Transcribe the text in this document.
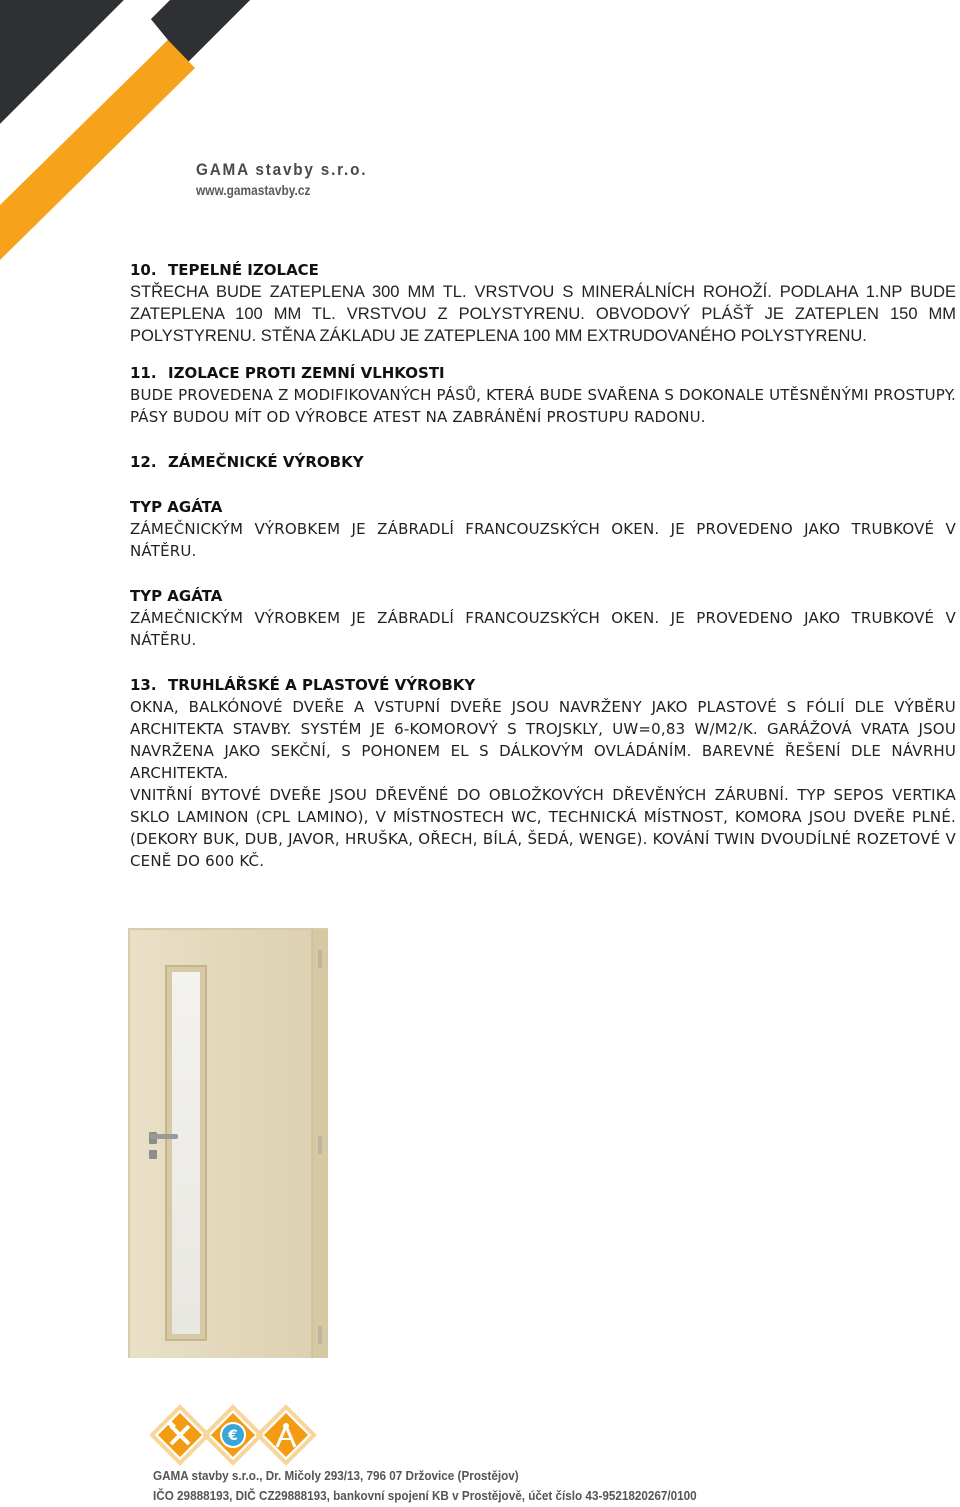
GAMA stavby s.r.o.
www.gamastavby.cz
10. TEPELNÉ IZOLACE
STŘECHA BUDE ZATEPLENA 300 MM TL. VRSTVOU S MINERÁLNÍCH ROHOŽÍ. PODLAHA 1.NP BUDE ZATEPLENA 100 MM TL. VRSTVOU Z POLYSTYRENU. OBVODOVÝ PLÁŠŤ JE ZATEPLEN 150 MM POLYSTYRENU. STĚNA ZÁKLADU JE ZATEPLENA 100 MM EXTRUDOVANÉHO POLYSTYRENU.
11. IZOLACE PROTI ZEMNÍ VLHKOSTI
BUDE PROVEDENA Z MODIFIKOVANÝCH PÁSŮ, KTERÁ BUDE SVAŘENA S DOKONALE UTĚSNĚNÝMI PROSTUPY. PÁSY BUDOU MÍT OD VÝROBCE ATEST NA ZABRÁNĚNÍ PROSTUPU RADONU.
12. ZÁMEČNICKÉ VÝROBKY
TYP AGÁTA
ZÁMEČNICKÝM VÝROBKEM JE ZÁBRADLÍ FRANCOUZSKÝCH OKEN. JE PROVEDENO JAKO TRUBKOVÉ V NÁTĚRU.
TYP AGÁTA
ZÁMEČNICKÝM VÝROBKEM JE ZÁBRADLÍ FRANCOUZSKÝCH OKEN. JE PROVEDENO JAKO TRUBKOVÉ V NÁTĚRU.
13. TRUHLÁŘSKÉ A PLASTOVÉ VÝROBKY
OKNA, BALKÓNOVÉ DVEŘE A VSTUPNÍ DVEŘE JSOU NAVRŽENY JAKO PLASTOVÉ S FÓLIÍ DLE VÝBĚRU ARCHITEKTA STAVBY. SYSTÉM JE 6-KOMOROVÝ S TROJSKLY, UW=0,83 W/M2/K. GARÁŽOVÁ VRATA JSOU NAVRŽENA JAKO SEKČNÍ, S POHONEM EL S DÁLKOVÝM OVLÁDÁNÍM. BAREVNÉ ŘEŠENÍ DLE NÁVRHU ARCHITEKTA.
VNITŘNÍ BYTOVÉ DVEŘE JSOU DŘEVĚNÉ DO OBLOŽKOVÝCH DŘEVĚNÝCH ZÁRUBNÍ. TYP SEPOS VERTIKA SKLO LAMINON (CPL LAMINO), V MÍSTNOSTECH WC, TECHNICKÁ MÍSTNOST, KOMORA JSOU DVEŘE PLNÉ. (DEKORY BUK, DUB, JAVOR, HRUŠKA, OŘECH, BÍLÁ, ŠEDÁ, WENGE). KOVÁNÍ TWIN DVOUDÍLNÉ ROZETOVÉ V CENĚ DO 600 KČ.
€
GAMA stavby s.r.o., Dr. Mičoly 293/13, 796 07 Držovice (Prostějov)
IČO 29888193, DIČ CZ29888193, bankovní spojení KB v Prostějově, účet číslo 43-9521820267/0100
